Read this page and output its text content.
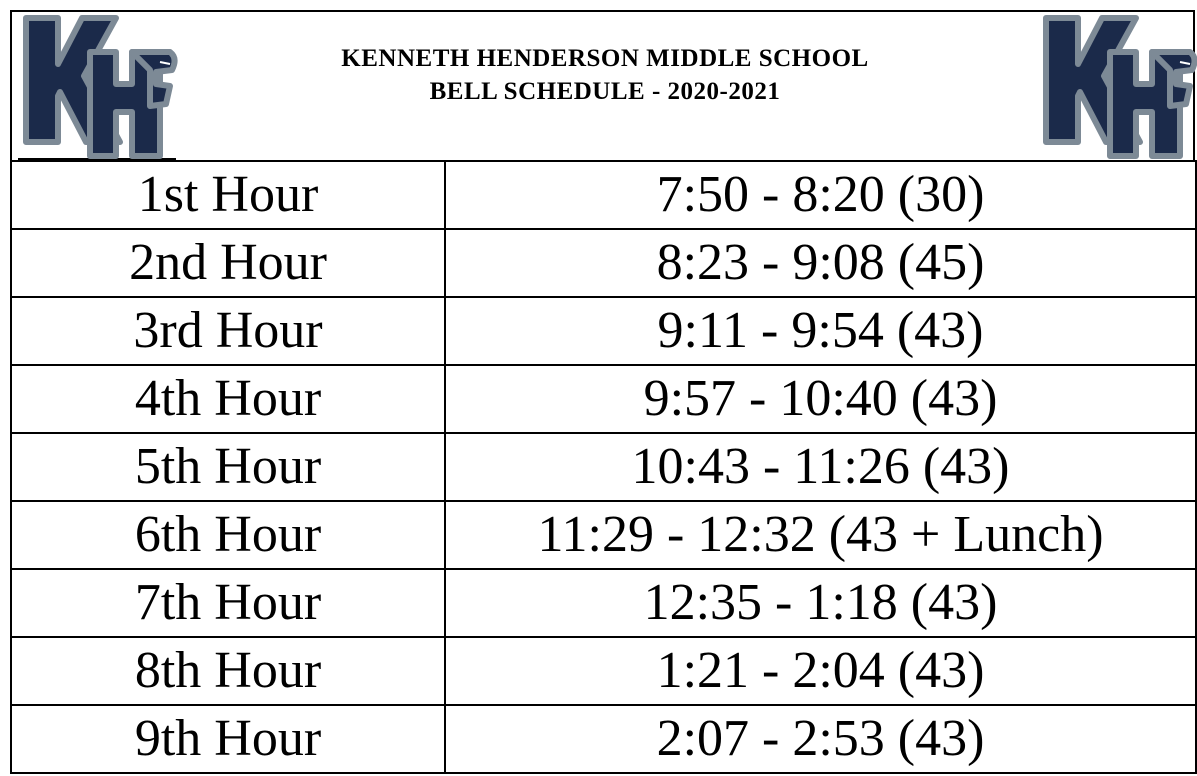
KENNETH HENDERSON MIDDLE SCHOOL
BELL SCHEDULE - 2020-2021
1st Hour	7:50 - 8:20 (30)
2nd Hour	8:23 - 9:08 (45)
3rd Hour	9:11 - 9:54 (43)
4th Hour	9:57 - 10:40 (43)
5th Hour	10:43 - 11:26 (43)
6th Hour	11:29 - 12:32 (43 + Lunch)
7th Hour	12:35 - 1:18 (43)
8th Hour	1:21 - 2:04 (43)
9th Hour	2:07 - 2:53 (43)
